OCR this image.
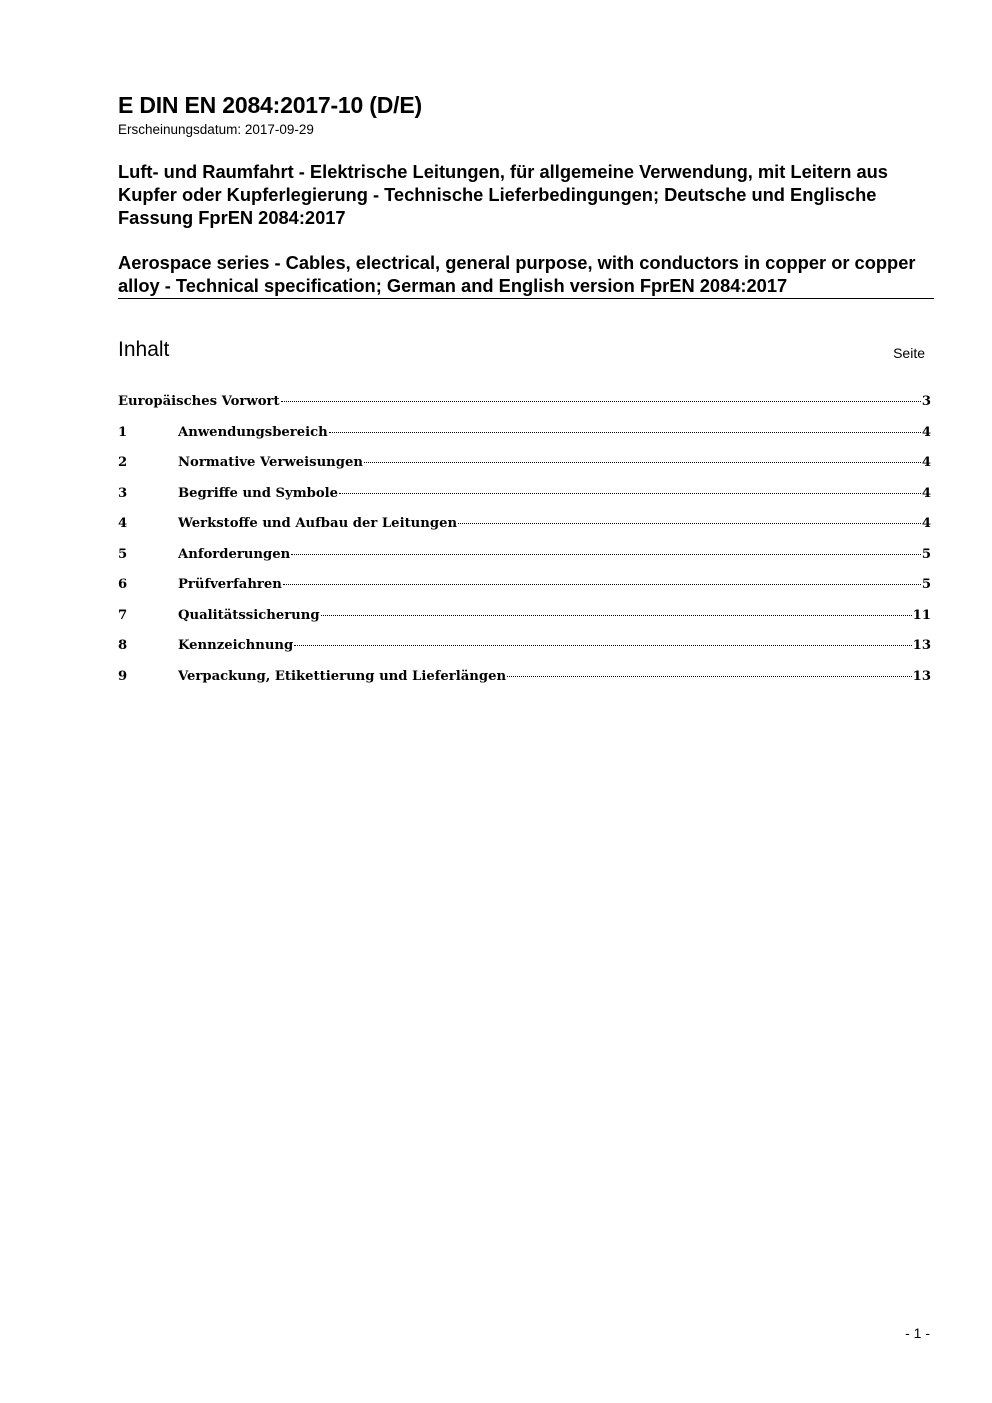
E DIN EN 2084:2017-10 (D/E)
Erscheinungsdatum: 2017-09-29
Luft- und Raumfahrt - Elektrische Leitungen, für allgemeine Verwendung, mit Leitern aus Kupfer oder Kupferlegierung - Technische Lieferbedingungen; Deutsche und Englische Fassung FprEN 2084:2017
Aerospace series - Cables, electrical, general purpose, with conductors in copper or copper alloy - Technical specification; German and English version FprEN 2084:2017
Inhalt	Seite
Europäisches Vorwort	3
1	Anwendungsbereich	4
2	Normative Verweisungen	4
3	Begriffe und Symbole	4
4	Werkstoffe und Aufbau der Leitungen	4
5	Anforderungen	5
6	Prüfverfahren	5
7	Qualitätssicherung	11
8	Kennzeichnung	13
9	Verpackung, Etikettierung und Lieferlängen	13
- 1 -
